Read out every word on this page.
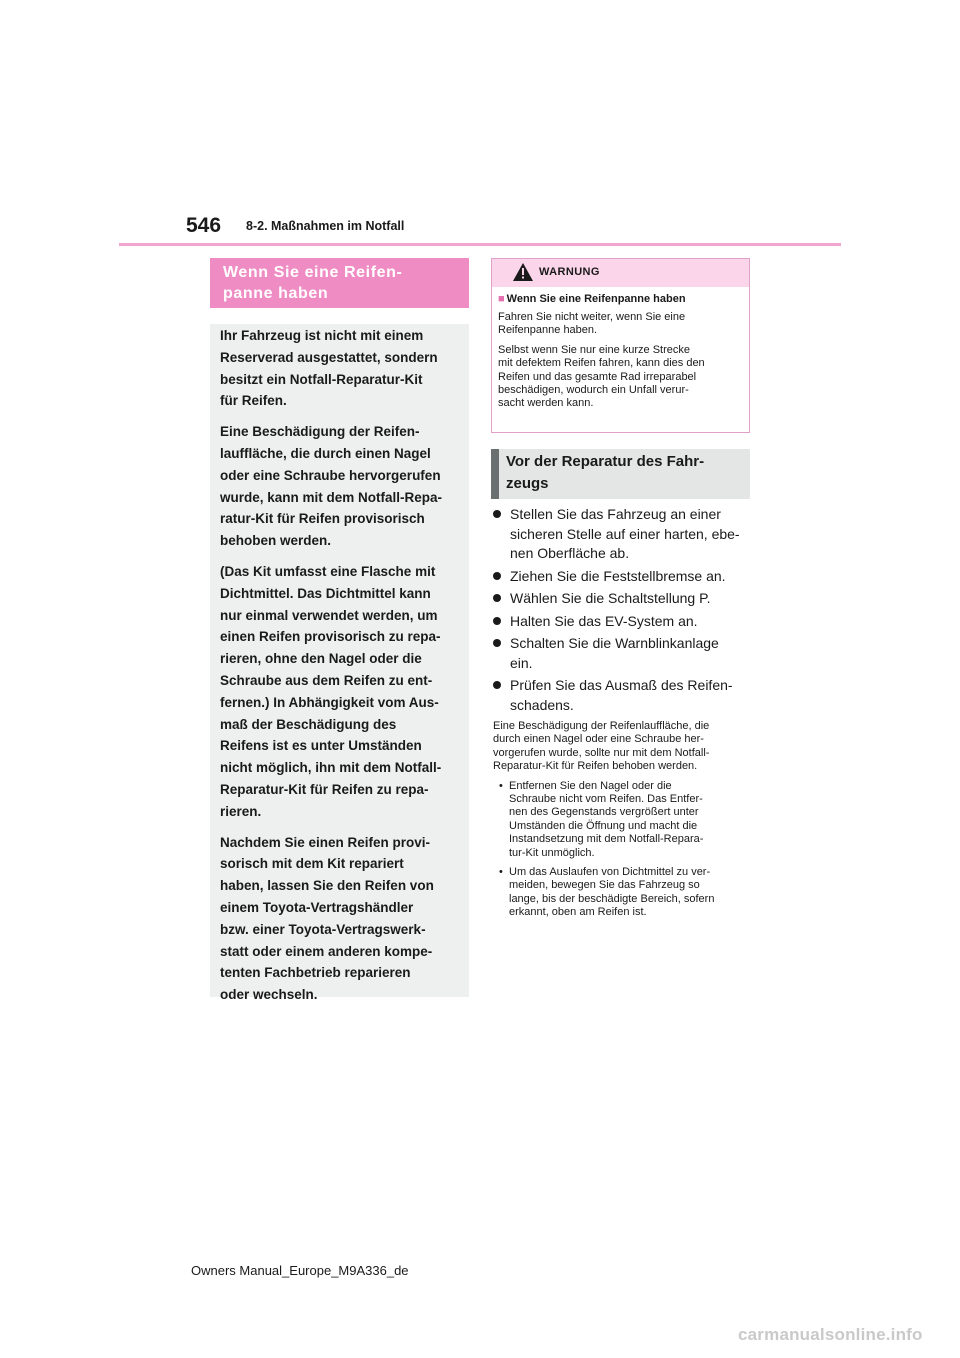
546 8-2. Maßnahmen im Notfall
Wenn Sie eine Reifen-
panne haben

Ihr Fahrzeug ist nicht mit einem
Reserverad ausgestattet, sondern
besitzt ein Notfall-Reparatur-Kit
für Reifen.

Eine Beschädigung der Reifen-
lauffläche, die durch einen Nagel
oder eine Schraube hervorgerufen
wurde, kann mit dem Notfall-Repa-
ratur-Kit für Reifen provisorisch
behoben werden.

(Das Kit umfasst eine Flasche mit
Dichtmittel. Das Dichtmittel kann
nur einmal verwendet werden, um
einen Reifen provisorisch zu repa-
rieren, ohne den Nagel oder die
Schraube aus dem Reifen zu ent-
fernen.) In Abhängigkeit vom Aus-
maß der Beschädigung des
Reifens ist es unter Umständen
nicht möglich, ihn mit dem Notfall-
Reparatur-Kit für Reifen zu repa-
rieren.

Nachdem Sie einen Reifen provi-
sorisch mit dem Kit repariert
haben, lassen Sie den Reifen von
einem Toyota-Vertragshändler
bzw. einer Toyota-Vertragswerk-
statt oder einem anderen kompe-
tenten Fachbetrieb reparieren
oder wechseln.

WARNUNG
■ Wenn Sie eine Reifenpanne haben

Fahren Sie nicht weiter, wenn Sie eine
Reifenpanne haben.

Selbst wenn Sie nur eine kurze Strecke
mit defektem Reifen fahren, kann dies den
Reifen und das gesamte Rad irreparabel
beschädigen, wodurch ein Unfall verur-
sacht werden kann.

Vor der Reparatur des Fahr-
zeugs
Stellen Sie das Fahrzeug an einer
sicheren Stelle auf einer harten, ebe-
nen Oberfläche ab.
Ziehen Sie die Feststellbremse an.
Wählen Sie die Schaltstellung P.
Halten Sie das EV-System an.
Schalten Sie die Warnblinkanlage
ein.
Prüfen Sie das Ausmaß des Reifen-
schadens.

Eine Beschädigung der Reifenlauffläche, die
durch einen Nagel oder eine Schraube her-
vorgerufen wurde, sollte nur mit dem Notfall-
Reparatur-Kit für Reifen behoben werden.

• Entfernen Sie den Nagel oder die
Schraube nicht vom Reifen. Das Entfer-
nen des Gegenstands vergrößert unter
Umständen die Öffnung und macht die
Instandsetzung mit dem Notfall-Repara-
tur-Kit unmöglich.
• Um das Auslaufen von Dichtmittel zu ver-
meiden, bewegen Sie das Fahrzeug so
lange, bis der beschädigte Bereich, sofern
erkannt, oben am Reifen ist.
Owners Manual_Europe_M9A336_de
carmanualsonline.info
